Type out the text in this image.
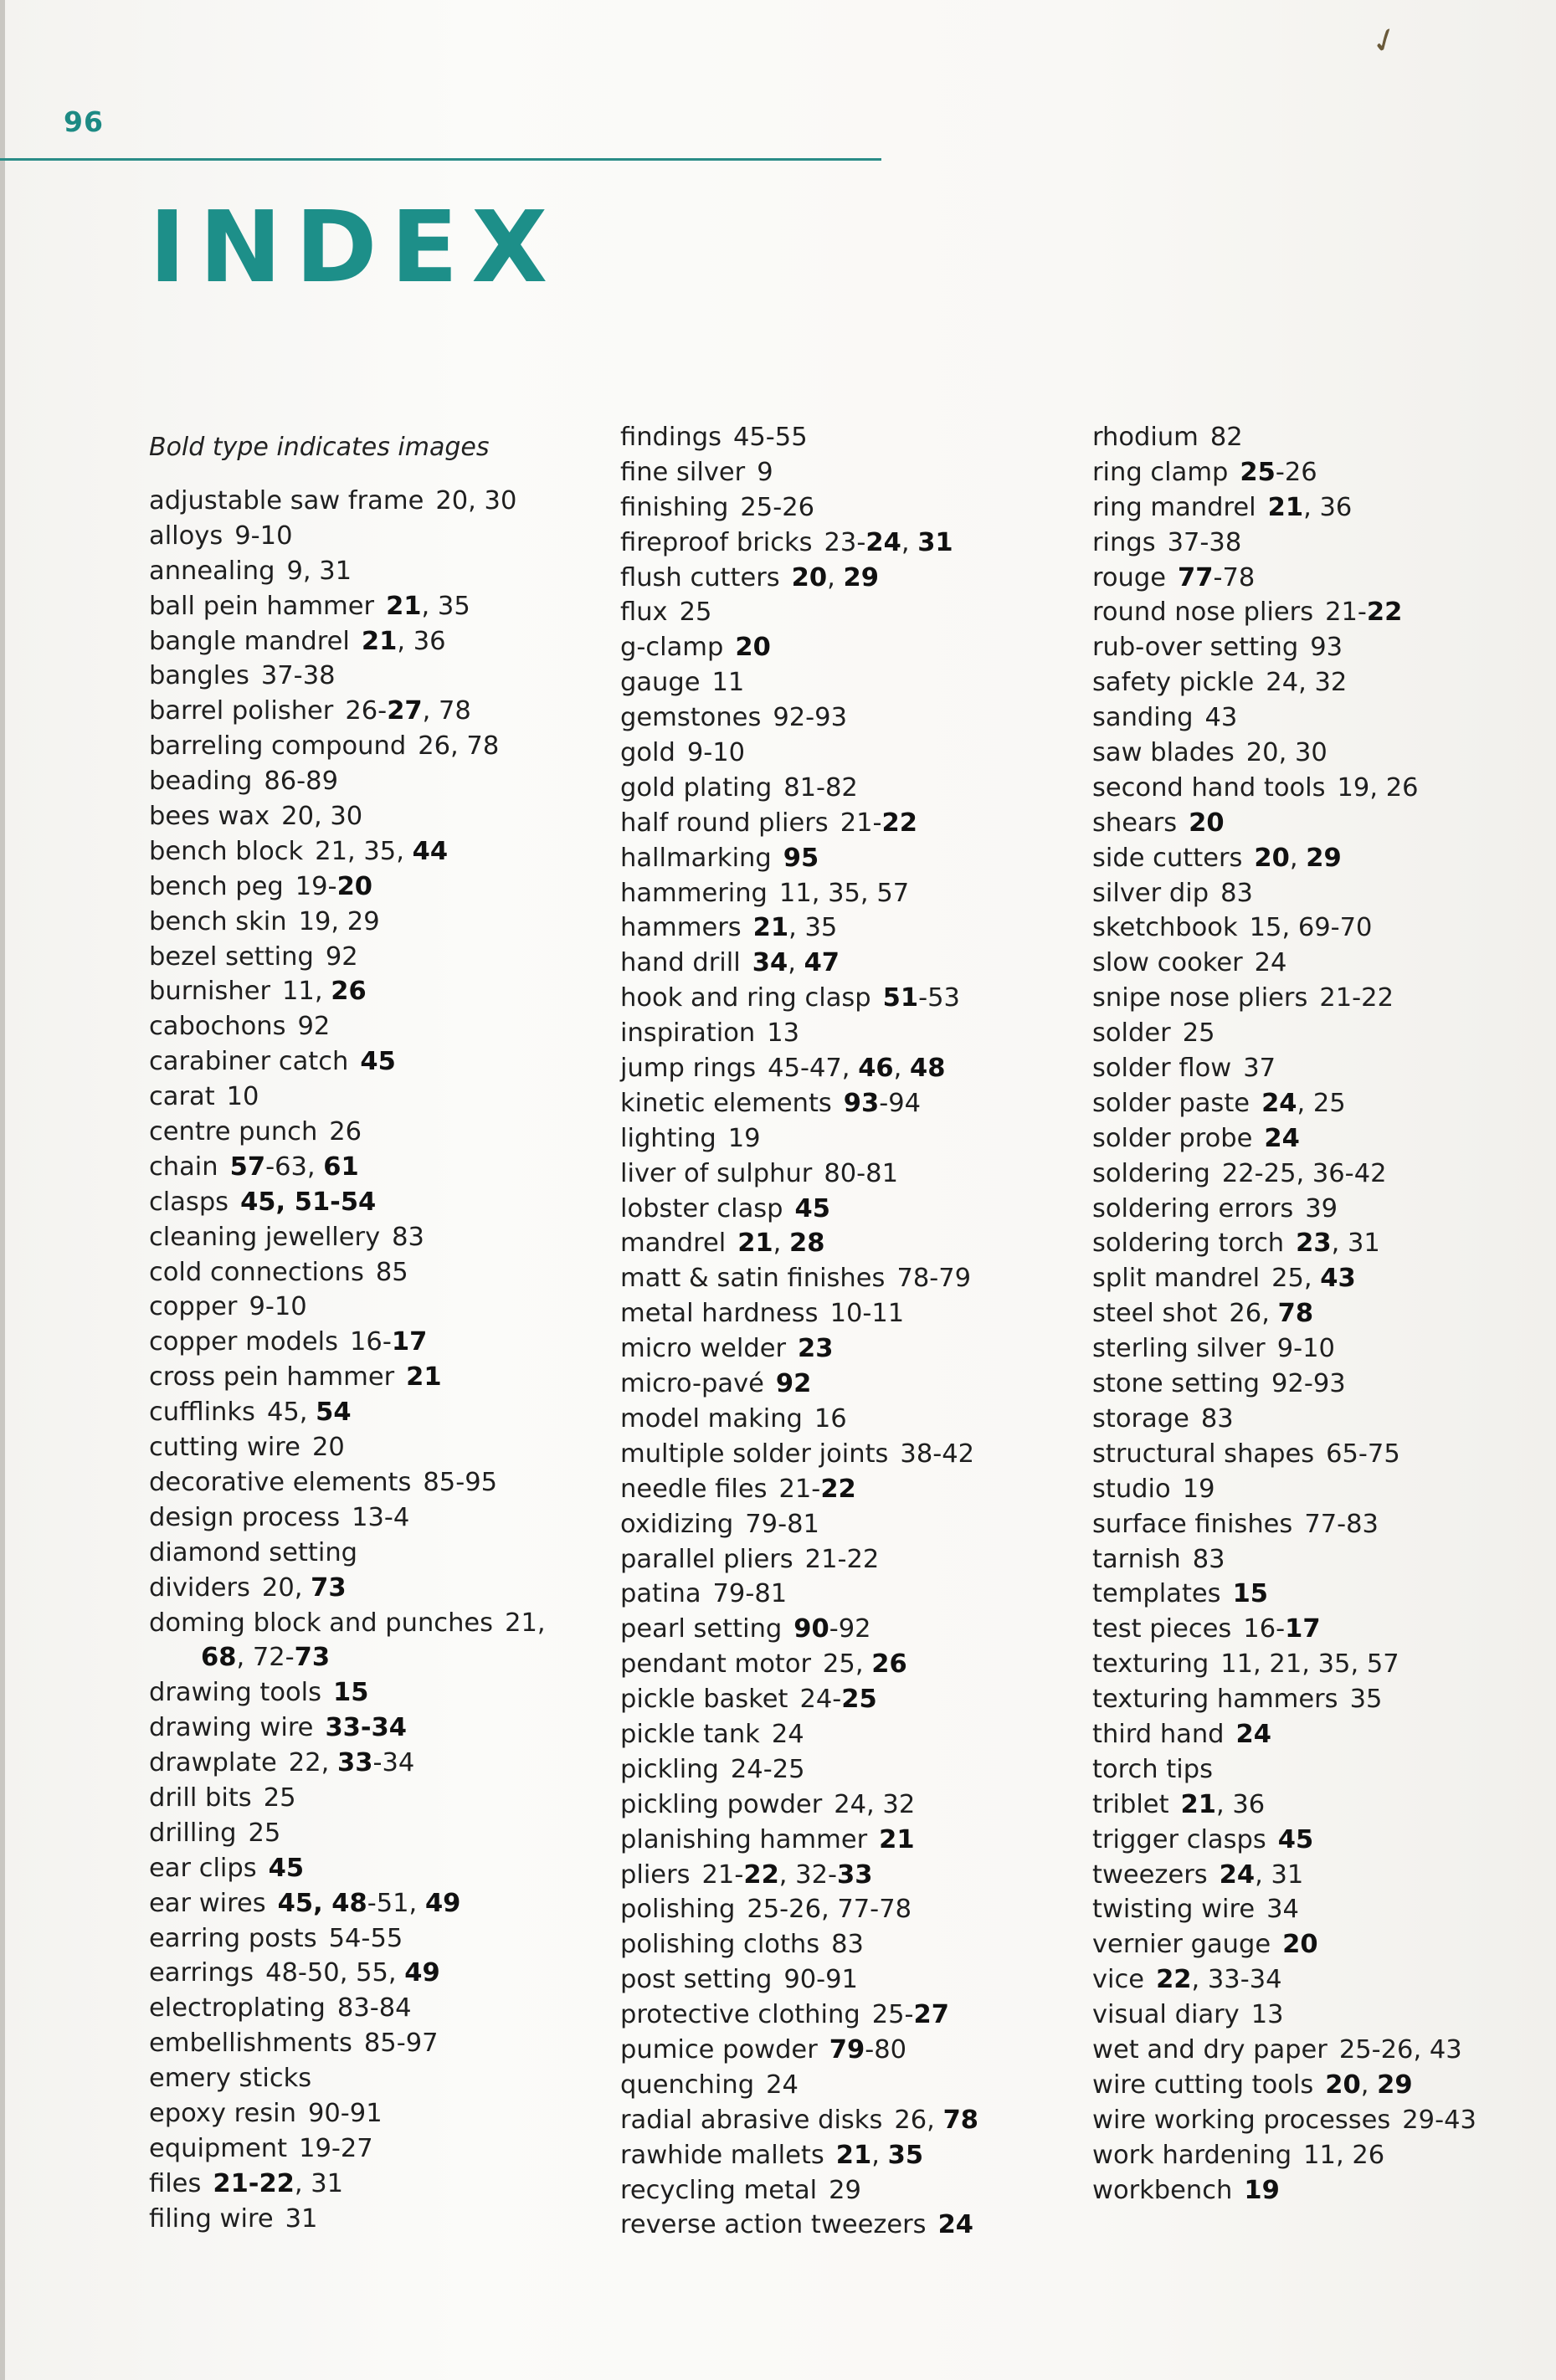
✓
96
INDEX
Bold type indicates images
adjustable saw frame 20, 30
alloys 9-10
annealing 9, 31
ball pein hammer 21, 35
bangle mandrel 21, 36
bangles 37-38
barrel polisher 26-27, 78
barreling compound 26, 78
beading 86-89
bees wax 20, 30
bench block 21, 35, 44
bench peg 19-20
bench skin 19, 29
bezel setting 92
burnisher 11, 26
cabochons 92
carabiner catch 45
carat 10
centre punch 26
chain 57-63, 61
clasps 45, 51-54
cleaning jewellery 83
cold connections 85
copper 9-10
copper models 16-17
cross pein hammer 21
cufflinks 45, 54
cutting wire 20
decorative elements 85-95
design process 13-4
diamond setting
dividers 20, 73
doming block and punches 21,
68, 72-73
drawing tools 15
drawing wire 33-34
drawplate 22, 33-34
drill bits 25
drilling 25
ear clips 45
ear wires 45, 48-51, 49
earring posts 54-55
earrings 48-50, 55, 49
electroplating 83-84
embellishments 85-97
emery sticks
epoxy resin 90-91
equipment 19-27
files 21-22, 31
filing wire 31
findings 45-55
fine silver 9
finishing 25-26
fireproof bricks 23-24, 31
flush cutters 20, 29
flux 25
g-clamp 20
gauge 11
gemstones 92-93
gold 9-10
gold plating 81-82
half round pliers 21-22
hallmarking 95
hammering 11, 35, 57
hammers 21, 35
hand drill 34, 47
hook and ring clasp 51-53
inspiration 13
jump rings 45-47, 46, 48
kinetic elements 93-94
lighting 19
liver of sulphur 80-81
lobster clasp 45
mandrel 21, 28
matt & satin finishes 78-79
metal hardness 10-11
micro welder 23
micro-pavé 92
model making 16
multiple solder joints 38-42
needle files 21-22
oxidizing 79-81
parallel pliers 21-22
patina 79-81
pearl setting 90-92
pendant motor 25, 26
pickle basket 24-25
pickle tank 24
pickling 24-25
pickling powder 24, 32
planishing hammer 21
pliers 21-22, 32-33
polishing 25-26, 77-78
polishing cloths 83
post setting 90-91
protective clothing 25-27
pumice powder 79-80
quenching 24
radial abrasive disks 26, 78
rawhide mallets 21, 35
recycling metal 29
reverse action tweezers 24
rhodium 82
ring clamp 25-26
ring mandrel 21, 36
rings 37-38
rouge 77-78
round nose pliers 21-22
rub-over setting 93
safety pickle 24, 32
sanding 43
saw blades 20, 30
second hand tools 19, 26
shears 20
side cutters 20, 29
silver dip 83
sketchbook 15, 69-70
slow cooker 24
snipe nose pliers 21-22
solder 25
solder flow 37
solder paste 24, 25
solder probe 24
soldering 22-25, 36-42
soldering errors 39
soldering torch 23, 31
split mandrel 25, 43
steel shot 26, 78
sterling silver 9-10
stone setting 92-93
storage 83
structural shapes 65-75
studio 19
surface finishes 77-83
tarnish 83
templates 15
test pieces 16-17
texturing 11, 21, 35, 57
texturing hammers 35
third hand 24
torch tips
triblet 21, 36
trigger clasps 45
tweezers 24, 31
twisting wire 34
vernier gauge 20
vice 22, 33-34
visual diary 13
wet and dry paper 25-26, 43
wire cutting tools 20, 29
wire working processes 29-43
work hardening 11, 26
workbench 19
